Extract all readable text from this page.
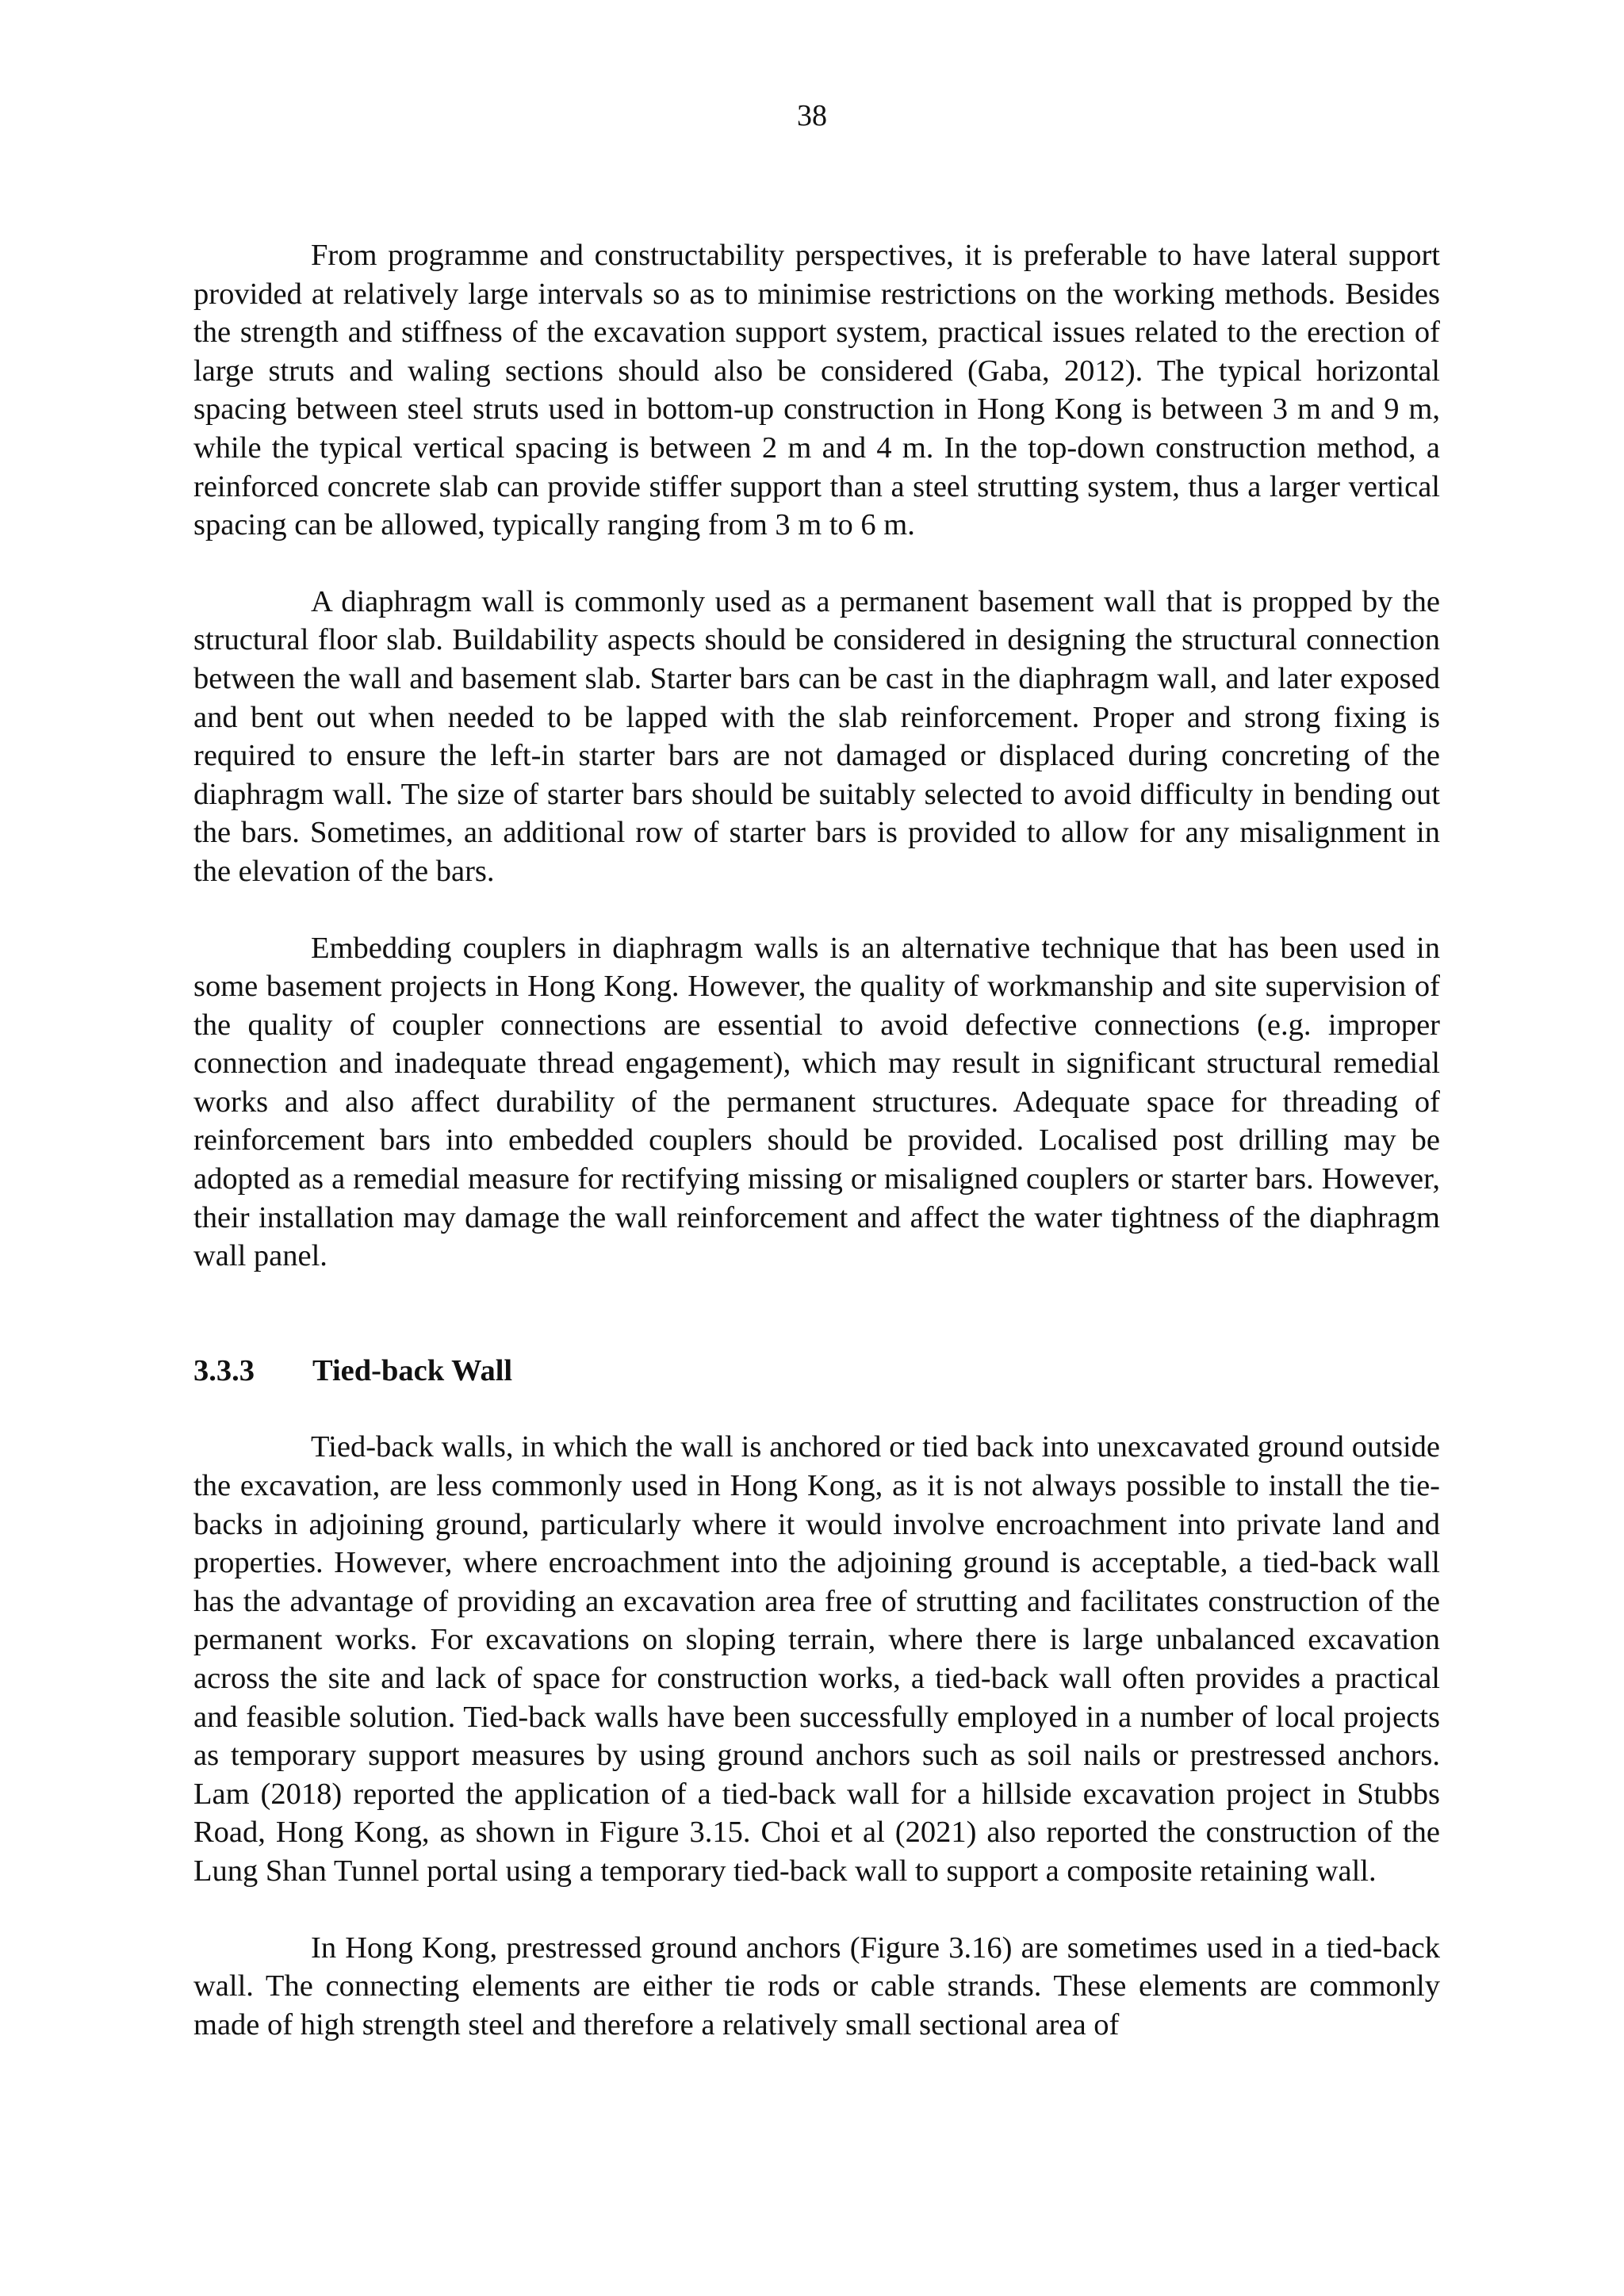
38

From programme and constructability perspectives, it is preferable to have lateral support provided at relatively large intervals so as to minimise restrictions on the working methods. Besides the strength and stiffness of the excavation support system, practical issues related to the erection of large struts and waling sections should also be considered (Gaba, 2012). The typical horizontal spacing between steel struts used in bottom-up construction in Hong Kong is between 3 m and 9 m, while the typical vertical spacing is between 2 m and 4 m. In the top-down construction method, a reinforced concrete slab can provide stiffer support than a steel strutting system, thus a larger vertical spacing can be allowed, typically ranging from 3 m to 6 m.

A diaphragm wall is commonly used as a permanent basement wall that is propped by the structural floor slab. Buildability aspects should be considered in designing the structural connection between the wall and basement slab. Starter bars can be cast in the diaphragm wall, and later exposed and bent out when needed to be lapped with the slab reinforcement. Proper and strong fixing is required to ensure the left-in starter bars are not damaged or displaced during concreting of the diaphragm wall. The size of starter bars should be suitably selected to avoid difficulty in bending out the bars. Sometimes, an additional row of starter bars is provided to allow for any misalignment in the elevation of the bars.

Embedding couplers in diaphragm walls is an alternative technique that has been used in some basement projects in Hong Kong. However, the quality of workmanship and site supervision of the quality of coupler connections are essential to avoid defective connections (e.g. improper connection and inadequate thread engagement), which may result in significant structural remedial works and also affect durability of the permanent structures. Adequate space for threading of reinforcement bars into embedded couplers should be provided. Localised post drilling may be adopted as a remedial measure for rectifying missing or misaligned couplers or starter bars. However, their installation may damage the wall reinforcement and affect the water tightness of the diaphragm wall panel.

3.3.3	Tied-back Wall

Tied-back walls, in which the wall is anchored or tied back into unexcavated ground outside the excavation, are less commonly used in Hong Kong, as it is not always possible to install the tie-backs in adjoining ground, particularly where it would involve encroachment into private land and properties. However, where encroachment into the adjoining ground is acceptable, a tied-back wall has the advantage of providing an excavation area free of strutting and facilitates construction of the permanent works. For excavations on sloping terrain, where there is large unbalanced excavation across the site and lack of space for construction works, a tied-back wall often provides a practical and feasible solution. Tied-back walls have been successfully employed in a number of local projects as temporary support measures by using ground anchors such as soil nails or prestressed anchors. Lam (2018) reported the application of a tied-back wall for a hillside excavation project in Stubbs Road, Hong Kong, as shown in Figure 3.15. Choi et al (2021) also reported the construction of the Lung Shan Tunnel portal using a temporary tied-back wall to support a composite retaining wall.

In Hong Kong, prestressed ground anchors (Figure 3.16) are sometimes used in a tied-back wall. The connecting elements are either tie rods or cable strands. These elements are commonly made of high strength steel and therefore a relatively small sectional area of
